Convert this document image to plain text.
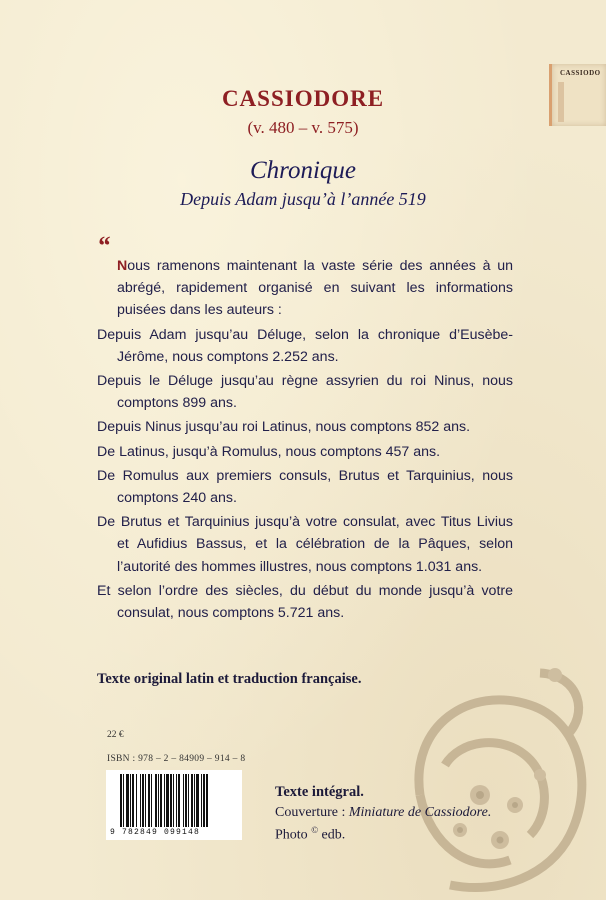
CASSIODO
CASSIODORE
(v. 480 – v. 575)
Chronique
Depuis Adam jusqu’à l’année 519
“

Nous ramenons maintenant la vaste série des années à un abrégé, rapidement organisé en suivant les informations puisées dans les auteurs :

Depuis Adam jusqu’au Déluge, selon la chronique d’Eusèbe-Jérôme, nous comptons 2.252 ans.

Depuis le Déluge jusqu’au règne assyrien du roi Ninus, nous comptons 899 ans.

Depuis Ninus jusqu’au roi Latinus, nous comptons 852 ans.

De Latinus, jusqu’à Romulus, nous comptons 457 ans.

De Romulus aux premiers consuls, Brutus et Tarquinius, nous comptons 240 ans.

De Brutus et Tarquinius jusqu’à votre consulat, avec Titus Livius et Aufidius Bassus, et la célébration de la Pâques, selon l’autorité des hommes illustres, nous comptons 1.031 ans.

Et selon l’ordre des siècles, du début du monde jusqu’à votre consulat, nous comptons 5.721 ans.

Texte original latin et traduction française.
22 €
ISBN : 978 – 2 – 84909 – 914 – 8
9 782849 099148
Texte intégral.
Couverture : Miniature de Cassiodore.
Photo © edb.
